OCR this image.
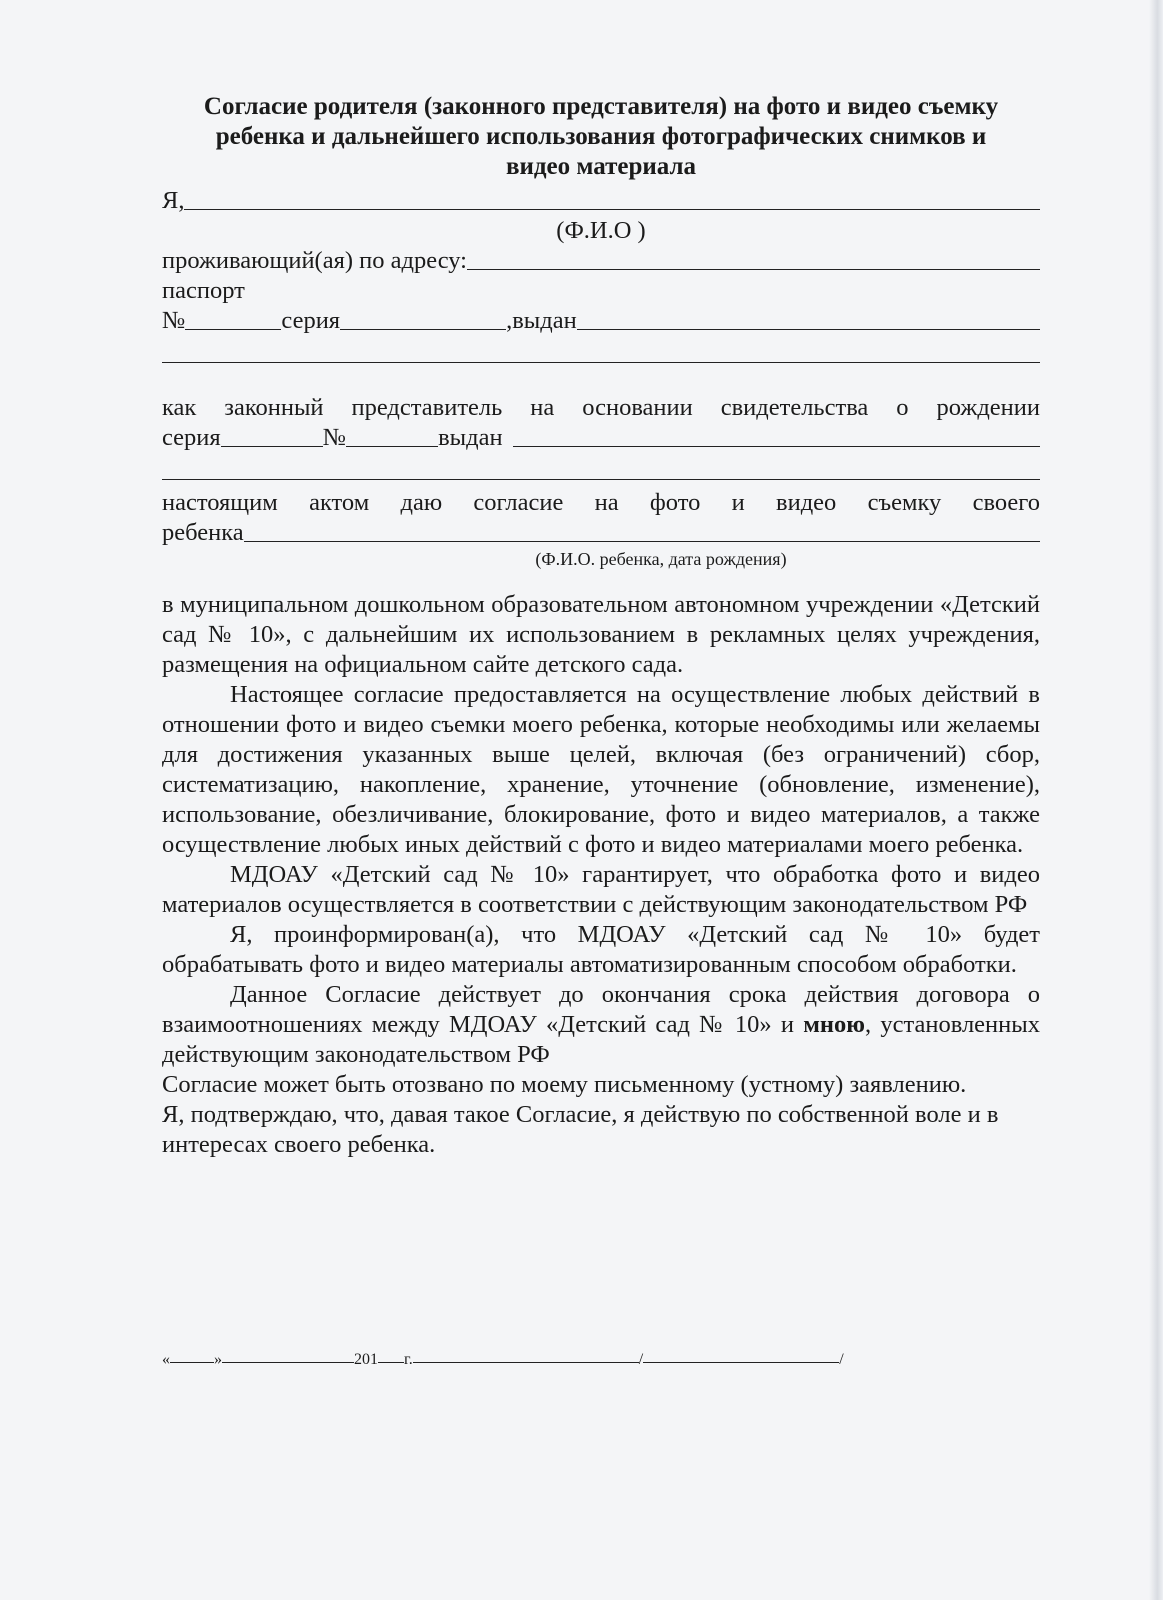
Согласие родителя (законного представителя) на фото и видео съемку
ребенка и дальнейшего использования фотографических снимков и
видео материала
Я,
(Ф.И.О )
проживающий(ая) по адресу:
паспорт
№	серия	,выдан
как законный представитель на основании свидетельства о рождении
серия	№	выдан
настоящим актом даю согласие на фото и видео съемку своего
ребенка
(Ф.И.О. ребенка, дата рождения)
в муниципальном дошкольном образовательном автономном учреждении «Детский сад № 10», с дальнейшим их использованием в рекламных целях учреждения, размещения на официальном сайте детского сада.
Настоящее согласие предоставляется на осуществление любых действий в отношении фото и видео съемки моего ребенка, которые необходимы или желаемы для достижения указанных выше целей, включая (без ограничений) сбор, систематизацию, накопление, хранение, уточнение (обновление, изменение), использование, обезличивание, блокирование, фото и видео материалов, а также осуществление любых иных действий с фото и видео материалами моего ребенка.
МДОАУ «Детский сад № 10» гарантирует, что обработка фото и видео материалов осуществляется в соответствии с действующим законодательством РФ
Я, проинформирован(а), что МДОАУ «Детский сад № 10» будет обрабатывать фото и видео материалы автоматизированным способом обработки.
Данное Согласие действует до окончания срока действия договора о взаимоотношениях между МДОАУ «Детский сад № 10» и мною, установленных действующим законодательством РФ
Согласие может быть отозвано по моему письменному (устному) заявлению.
Я, подтверждаю, что, давая такое Согласие, я действую по собственной воле и в интересах своего ребенка.
«	»	201 г.	/	/
